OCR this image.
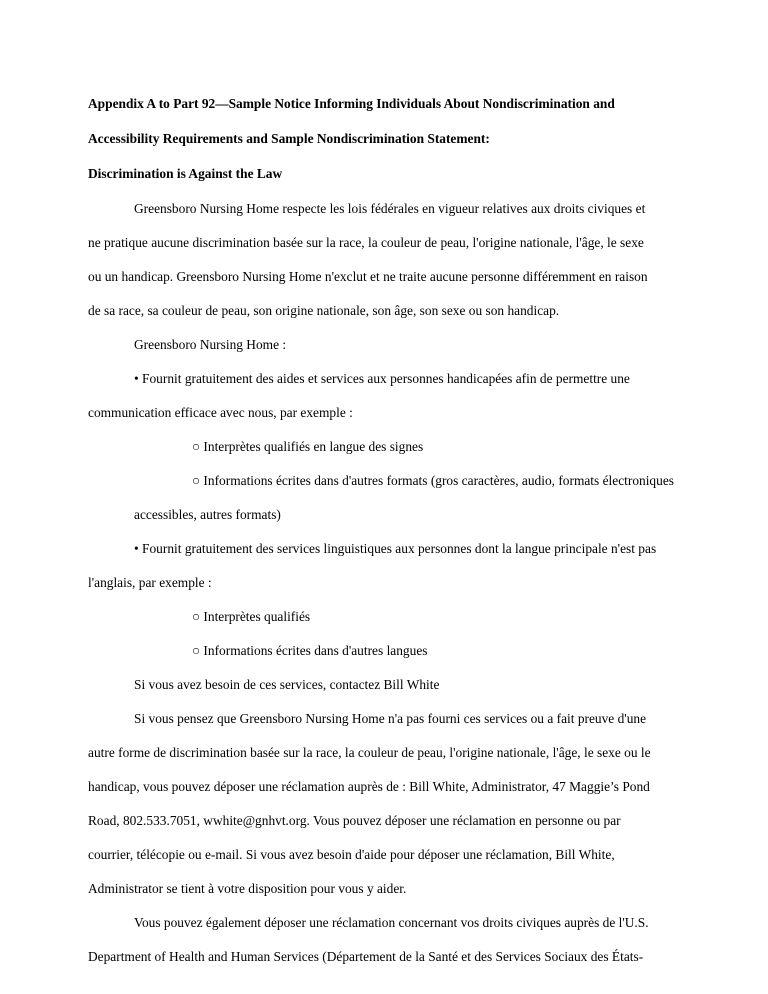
Appendix A to Part 92—Sample Notice Informing Individuals About Nondiscrimination and
Accessibility Requirements and Sample Nondiscrimination Statement:
Discrimination is Against the Law
Greensboro Nursing Home respecte les lois fédérales en vigueur relatives aux droits civiques et
ne pratique aucune discrimination basée sur la race, la couleur de peau, l'origine nationale, l'âge, le sexe
ou un handicap. Greensboro Nursing Home n'exclut et ne traite aucune personne différemment en raison
de sa race, sa couleur de peau, son origine nationale, son âge, son sexe ou son handicap.
Greensboro Nursing Home :
• Fournit gratuitement des aides et services aux personnes handicapées afin de permettre une
communication efficace avec nous, par exemple :
○ Interprètes qualifiés en langue des signes
○ Informations écrites dans d'autres formats (gros caractères, audio, formats électroniques
accessibles, autres formats)
• Fournit gratuitement des services linguistiques aux personnes dont la langue principale n'est pas
l'anglais, par exemple :
○ Interprètes qualifiés
○ Informations écrites dans d'autres langues
Si vous avez besoin de ces services, contactez Bill White
Si vous pensez que Greensboro Nursing Home n'a pas fourni ces services ou a fait preuve d'une
autre forme de discrimination basée sur la race, la couleur de peau, l'origine nationale, l'âge, le sexe ou le
handicap, vous pouvez déposer une réclamation auprès de : Bill White, Administrator, 47 Maggie’s Pond
Road, 802.533.7051, wwhite@gnhvt.org. Vous pouvez déposer une réclamation en personne ou par
courrier, télécopie ou e-mail. Si vous avez besoin d'aide pour déposer une réclamation, Bill White,
Administrator se tient à votre disposition pour vous y aider.
Vous pouvez également déposer une réclamation concernant vos droits civiques auprès de l'U.S.
Department of Health and Human Services (Département de la Santé et des Services Sociaux des États-
